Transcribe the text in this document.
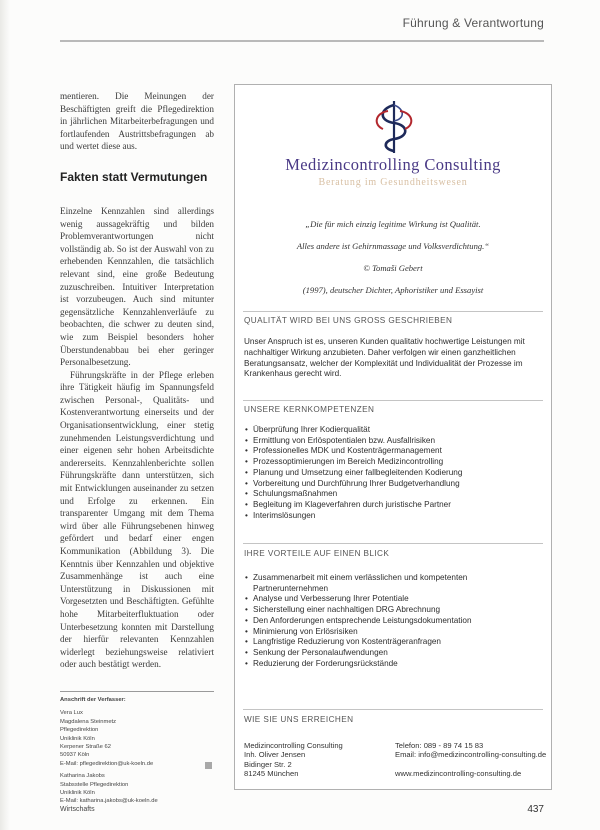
Führung & Verantwortung

mentieren. Die Meinungen der Beschäftigten greift die Pflegedirektion in jährlichen Mitarbeiterbefragungen und fortlaufenden Austrittsbefragungen ab und wertet diese aus.

Fakten statt Vermutungen

Einzelne Kennzahlen sind allerdings wenig aussagekräftig und bilden Problemverantwortungen nicht vollständig ab. So ist der Auswahl von zu erhebenden Kennzahlen, die tatsächlich relevant sind, eine große Bedeutung zuzuschreiben. Intuitiver Interpretation ist vorzubeugen. Auch sind mitunter gegensätzliche Kennzahlenverläufe zu beobachten, die schwer zu deuten sind, wie zum Beispiel besonders hoher Überstundenabbau bei eher geringer Personalbesetzung.

Führungskräfte in der Pflege erleben ihre Tätigkeit häufig im Spannungsfeld zwischen Personal-, Qualitäts- und Kostenverantwortung einerseits und der Organisationsentwicklung, einer stetig zunehmenden Leistungsverdichtung und einer eigenen sehr hohen Arbeitsdichte andererseits. Kennzahlenberichte sollen Führungskräfte dann unterstützen, sich mit Entwicklungen auseinander zu setzen und Erfolge zu erkennen. Ein transparenter Umgang mit dem Thema wird über alle Führungsebenen hinweg gefördert und bedarf einer engen Kommunikation (Abbildung 3). Die Kenntnis über Kennzahlen und objektive Zusammenhänge ist auch eine Unterstützung in Diskussionen mit Vorgesetzten und Beschäftigten. Gefühlte hohe Mitarbeiterfluktuation oder Unterbesetzung konnten mit Darstellung der hierfür relevanten Kennzahlen widerlegt beziehungsweise relativiert oder auch bestätigt werden.

Anschrift der Verfasser:
Vera Lux
Magdalena Steinmetz
Pflegedirektion
Uniklinik Köln
Kerpener Straße 62
50937 Köln
E-Mail: pflegedirektion@uk-koeln.de
Katharina Jakobs
Stabsstelle Pflegedirektion
Uniklinik Köln
E-Mail: katharina.jakobs@uk-koeln.de
Medizincontrolling Consulting
Beratung im Gesundheitswesen
„Die für mich einzig legitime Wirkung ist Qualität.
Alles andere ist Gehirnmassage und Volksverdichtung.“
© Tomaši Gebert
(1997), deutscher Dichter, Aphoristiker und Essayist
QUALITÄT WIRD BEI UNS GROSS GESCHRIEBEN
Unser Anspruch ist es, unseren Kunden qualitativ hochwertige Leistungen mit nachhaltiger Wirkung anzubieten. Daher verfolgen wir einen ganzheitlichen Beratungsansatz, welcher der Komplexität und Individualität der Prozesse im Krankenhaus gerecht wird.
UNSERE KERNKOMPETENZEN
• Überprüfung Ihrer Kodierqualität
• Ermittlung von Erlöspotentialen bzw. Ausfallrisiken
• Professionelles MDK und Kostenträgermanagement
• Prozessoptimierungen im Bereich Medizincontrolling
• Planung und Umsetzung einer fallbegleitenden Kodierung
• Vorbereitung und Durchführung Ihrer Budgetverhandlung
• Schulungsmaßnahmen
• Begleitung im Klageverfahren durch juristische Partner
• Interimslösungen
IHRE VORTEILE AUF EINEN BLICK
• Zusammenarbeit mit einem verlässlichen und kompetenten Partnerunternehmen
• Analyse und Verbesserung Ihrer Potentiale
• Sicherstellung einer nachhaltigen DRG Abrechnung
• Den Anforderungen entsprechende Leistungsdokumentation
• Minimierung von Erlösrisiken
• Langfristige Reduzierung von Kostenträgeranfragen
• Senkung der Personalaufwendungen
• Reduzierung der Forderungsrückstände
WIE SIE UNS ERREICHEN
Medizincontrolling Consulting
Inh. Oliver Jensen
Bidinger Str. 2
81245 München
Telefon: 089 - 89 74 15 83
Email: info@medizincontrolling-consulting.de

www.medizincontrolling-consulting.de
Wirtschafts	437
